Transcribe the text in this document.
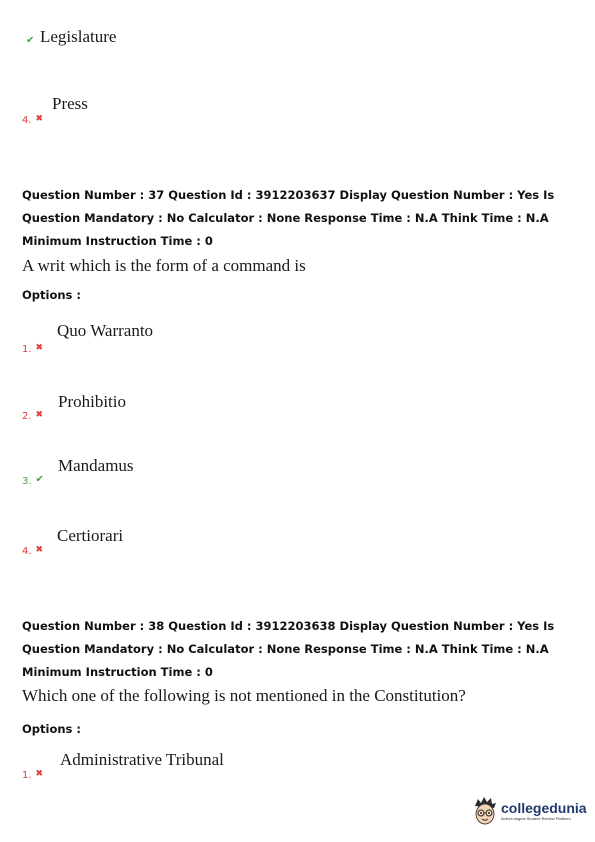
✔ Legislature
4. ✖
Press
Question Number : 37 Question Id : 3912203637 Display Question Number : Yes Is Question Mandatory : No Calculator : None Response Time : N.A Think Time : N.A Minimum Instruction Time : 0
A writ which is the form of a command is
Options :
1. ✖
Quo Warranto
2. ✖
Prohibitio
3. ✔
Mandamus
4. ✖
Certiorari
Question Number : 38 Question Id : 3912203638 Display Question Number : Yes Is Question Mandatory : No Calculator : None Response Time : N.A Think Time : N.A Minimum Instruction Time : 0
Which one of the following is not mentioned in the Constitution?
Options :
1. ✖
Administrative Tribunal
collegedunia
India's largest Student Review Platform
